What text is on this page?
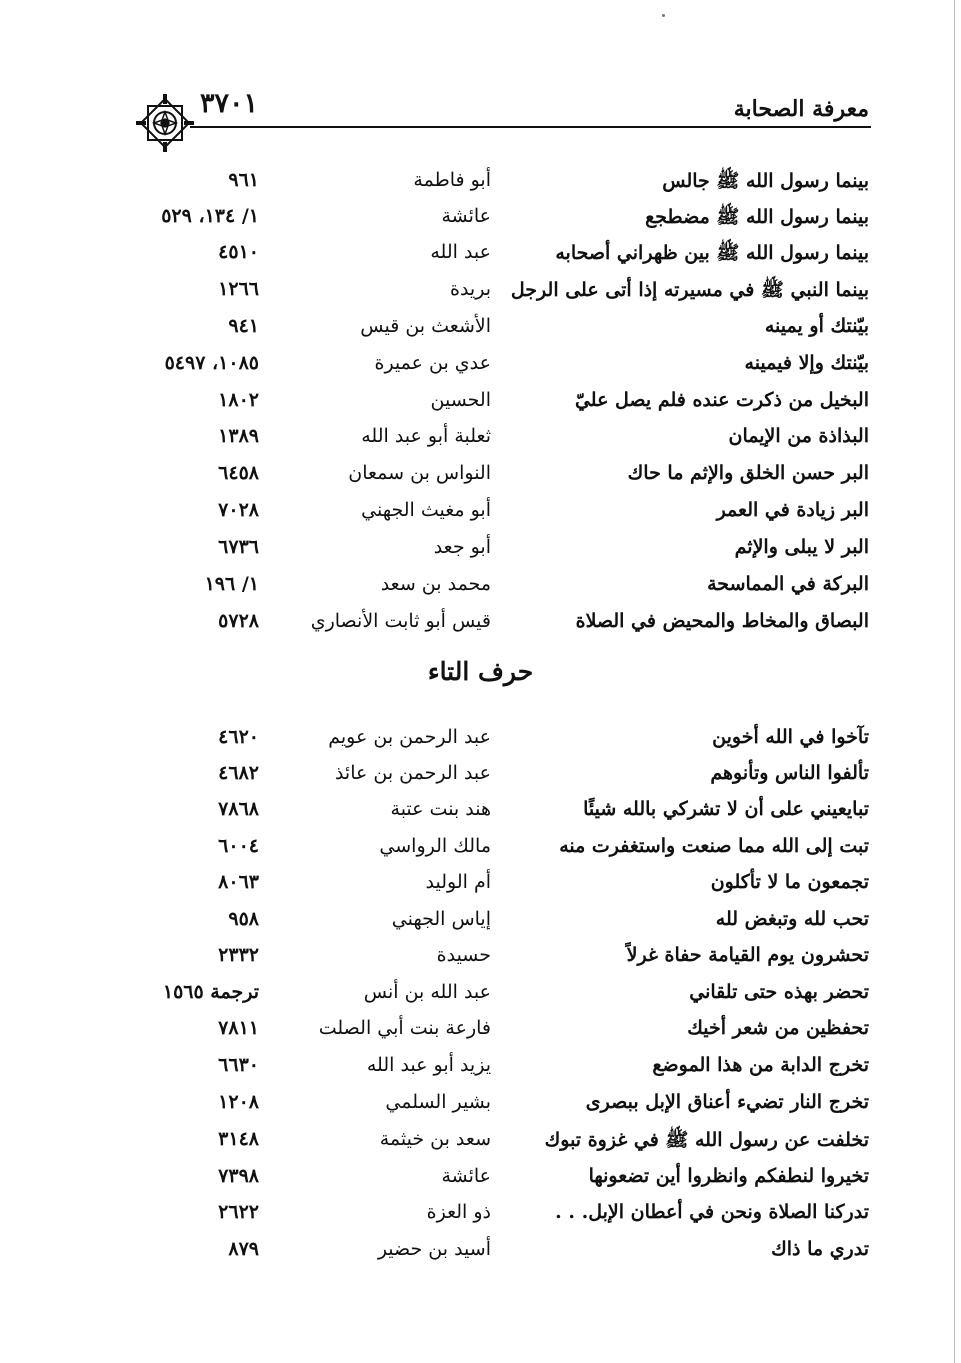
معرفة الصحابة
٣٧٠١
بينما رسول الله ﷺ جالس
أبو فاطمة
٩٦١
بينما رسول الله ﷺ مضطجع
عائشة
١/ ١٣٤، ٥٢٩
بينما رسول الله ﷺ بين ظهراني أصحابه
عبد الله
٤٥١٠
بينما النبي ﷺ في مسيرته إذا أتى على الرجل
بريدة
١٢٦٦
بيّنتك أو يمينه
الأشعث بن قيس
٩٤١
بيّنتك وإلا فيمينه
عدي بن عميرة
١٠٨٥، ٥٤٩٧
البخيل من ذكرت عنده فلم يصل عليّ
الحسين
١٨٠٢
البذاذة من الإيمان
ثعلبة أبو عبد الله
١٣٨٩
البر حسن الخلق والإثم ما حاك
النواس بن سمعان
٦٤٥٨
البر زيادة في العمر
أبو مغيث الجهني
٧٠٢٨
البر لا يبلى والإثم
أبو جعد
٦٧٣٦
البركة في المماسحة
محمد بن سعد
١/ ١٩٦
البصاق والمخاط والمحيض في الصلاة
قيس أبو ثابت الأنصاري
٥٧٢٨
حرف التاء
تآخوا في الله أخوين
عبد الرحمن بن عويم
٤٦٢٠
تألفوا الناس وتأنوهم
عبد الرحمن بن عائذ
٤٦٨٢
تبايعيني على أن لا تشركي بالله شيئًا
هند بنت عتبة
٧٨٦٨
تبت إلى الله مما صنعت واستغفرت منه
مالك الرواسي
٦٠٠٤
تجمعون ما لا تأكلون
أم الوليد
٨٠٦٣
تحب لله وتبغض لله
إياس الجهني
٩٥٨
تحشرون يوم القيامة حفاة غرلاً
حسيدة
٢٣٣٢
تحضر بهذه حتى تلقاني
عبد الله بن أنس
ترجمة ١٥٦٥
تحفظين من شعر أخيك
فارعة بنت أبي الصلت
٧٨١١
تخرج الدابة من هذا الموضع
يزيد أبو عبد الله
٦٦٣٠
تخرج النار تضيء أعناق الإبل ببصرى
بشير السلمي
١٢٠٨
تخلفت عن رسول الله ﷺ في غزوة تبوك
سعد بن خيثمة
٣١٤٨
تخيروا لنطفكم وانظروا أين تضعونها
عائشة
٧٣٩٨
تدركنا الصلاة ونحن في أعطان الإبل. . .
ذو العزة
٢٦٢٢
تدري ما ذاك
أسيد بن حضير
٨٧٩
